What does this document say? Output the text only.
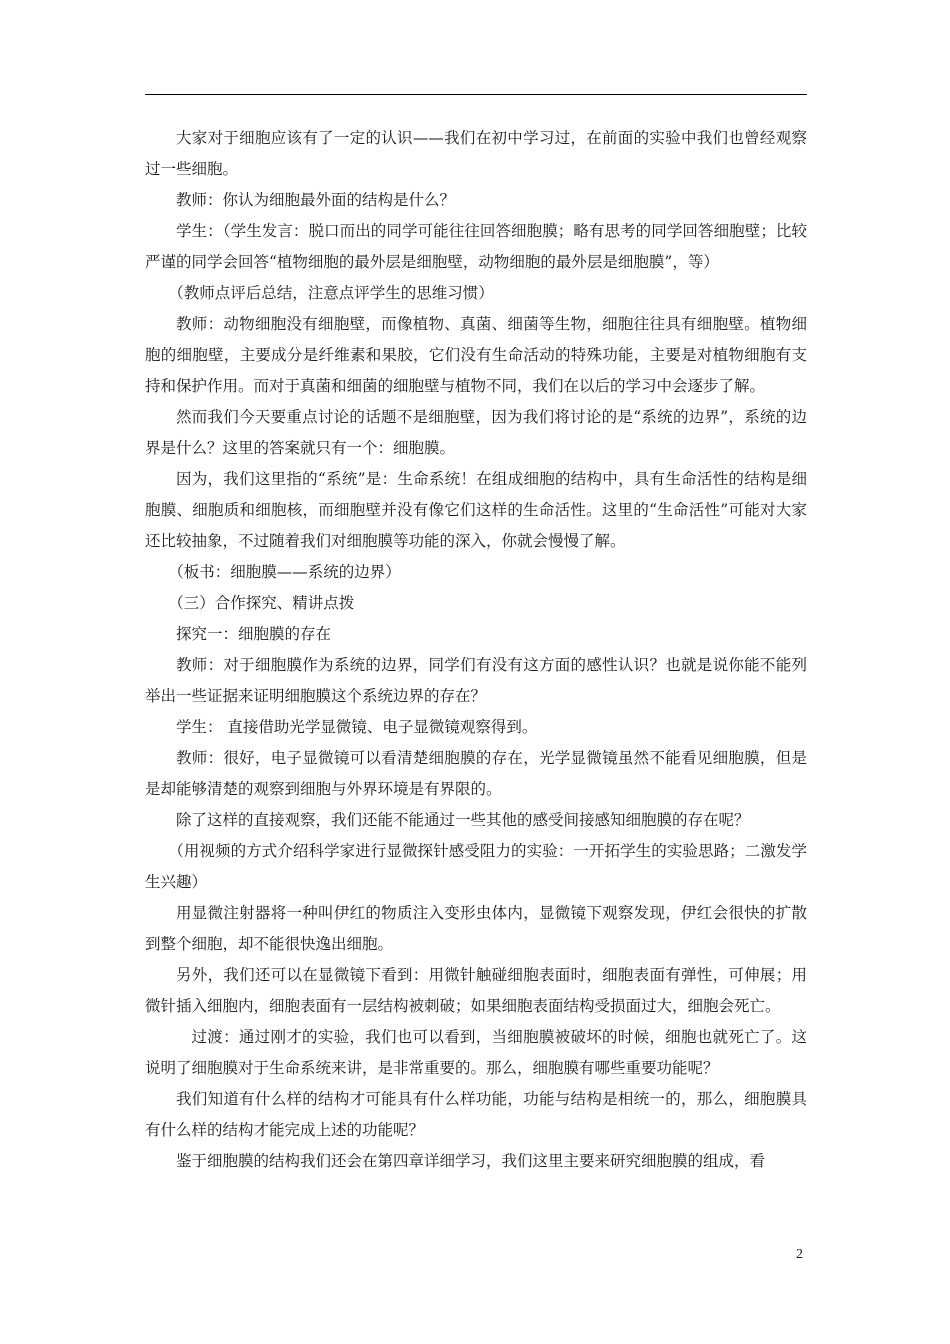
大家对于细胞应该有了一定的认识——我们在初中学习过，在前面的实验中我们也曾经观察过一些细胞。

教师：你认为细胞最外面的结构是什么？

学生：（学生发言：脱口而出的同学可能往往回答细胞膜；略有思考的同学回答细胞壁；比较严谨的同学会回答“植物细胞的最外层是细胞壁，动物细胞的最外层是细胞膜”，等）

（教师点评后总结，注意点评学生的思维习惯）

教师：动物细胞没有细胞壁，而像植物、真菌、细菌等生物，细胞往往具有细胞壁。植物细胞的细胞壁，主要成分是纤维素和果胶，它们没有生命活动的特殊功能，主要是对植物细胞有支持和保护作用。而对于真菌和细菌的细胞壁与植物不同，我们在以后的学习中会逐步了解。

然而我们今天要重点讨论的话题不是细胞壁，因为我们将讨论的是“系统的边界”，系统的边界是什么？这里的答案就只有一个：细胞膜。

因为，我们这里指的“系统”是：生命系统！在组成细胞的结构中，具有生命活性的结构是细胞膜、细胞质和细胞核，而细胞壁并没有像它们这样的生命活性。这里的“生命活性”可能对大家还比较抽象，不过随着我们对细胞膜等功能的深入，你就会慢慢了解。

（板书：细胞膜——系统的边界）

（三）合作探究、精讲点拨

探究一：细胞膜的存在

教师：对于细胞膜作为系统的边界，同学们有没有这方面的感性认识？也就是说你能不能列举出一些证据来证明细胞膜这个系统边界的存在？

学生： 直接借助光学显微镜、电子显微镜观察得到。

教师：很好，电子显微镜可以看清楚细胞膜的存在，光学显微镜虽然不能看见细胞膜，但是是却能够清楚的观察到细胞与外界环境是有界限的。

除了这样的直接观察，我们还能不能通过一些其他的感受间接感知细胞膜的存在呢？

（用视频的方式介绍科学家进行显微探针感受阻力的实验：一开拓学生的实验思路；二激发学生兴趣）

用显微注射器将一种叫伊红的物质注入变形虫体内，显微镜下观察发现，伊红会很快的扩散到整个细胞，却不能很快逸出细胞。

另外，我们还可以在显微镜下看到：用微针触碰细胞表面时，细胞表面有弹性，可伸展；用微针插入细胞内，细胞表面有一层结构被刺破；如果细胞表面结构受损面过大，细胞会死亡。

过渡：通过刚才的实验，我们也可以看到，当细胞膜被破坏的时候，细胞也就死亡了。这说明了细胞膜对于生命系统来讲，是非常重要的。那么，细胞膜有哪些重要功能呢？

我们知道有什么样的结构才可能具有什么样功能，功能与结构是相统一的，那么，细胞膜具有什么样的结构才能完成上述的功能呢？

鉴于细胞膜的结构我们还会在第四章详细学习，我们这里主要来研究细胞膜的组成，看

2
